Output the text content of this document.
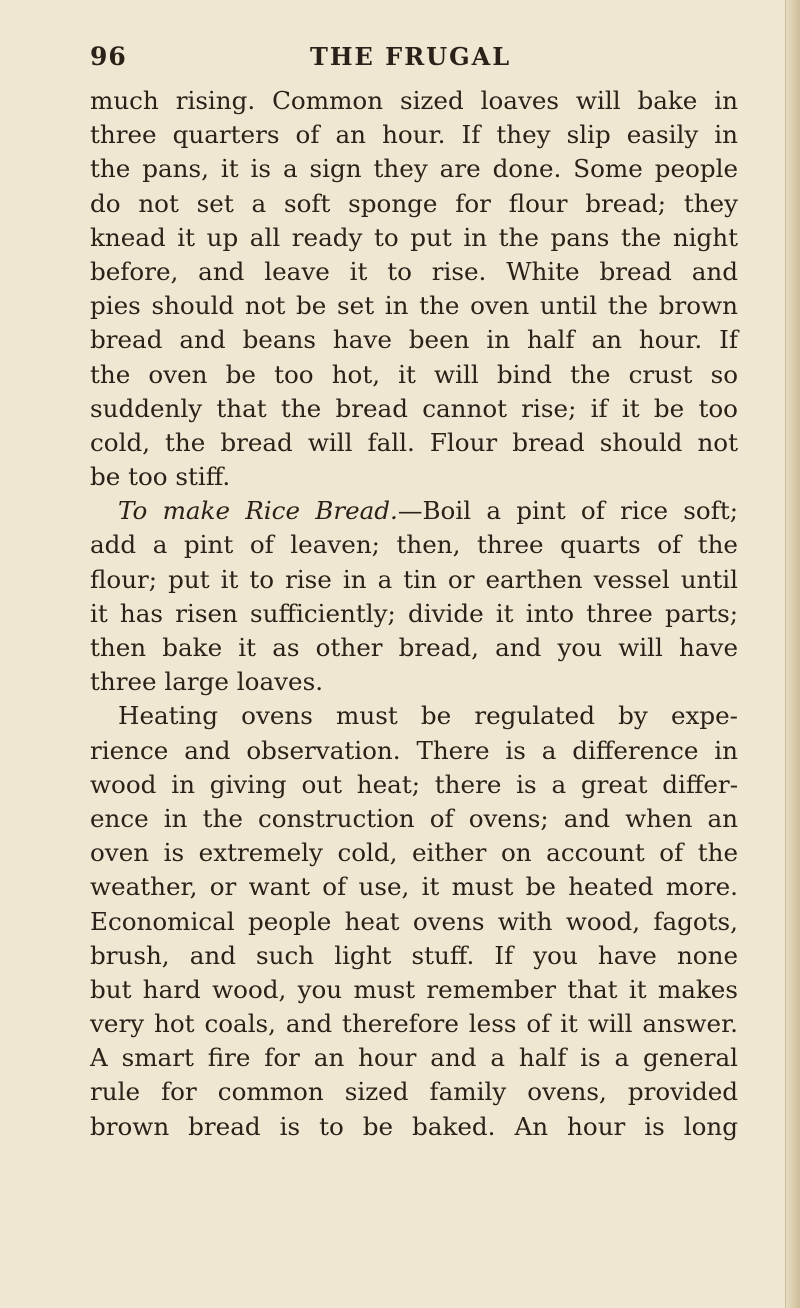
96	THE FRUGAL
much rising. Common sized loaves will bake in
three quarters of an hour. If they slip easily in
the pans, it is a sign they are done. Some people
do not set a soft sponge for flour bread; they
knead it up all ready to put in the pans the night
before, and leave it to rise. White bread and
pies should not be set in the oven until the brown
bread and beans have been in half an hour. If
the oven be too hot, it will bind the crust so
suddenly that the bread cannot rise; if it be too
cold, the bread will fall. Flour bread should not
be too stiff.
To make Rice Bread.—Boil a pint of rice soft;
add a pint of leaven; then, three quarts of the
flour; put it to rise in a tin or earthen vessel until
it has risen sufficiently; divide it into three parts;
then bake it as other bread, and you will have
three large loaves.
Heating ovens must be regulated by expe-
rience and observation. There is a difference in
wood in giving out heat; there is a great differ-
ence in the construction of ovens; and when an
oven is extremely cold, either on account of the
weather, or want of use, it must be heated more.
Economical people heat ovens with wood, fagots,
brush, and such light stuff. If you have none
but hard wood, you must remember that it makes
very hot coals, and therefore less of it will answer.
A smart fire for an hour and a half is a general
rule for common sized family ovens, provided
brown bread is to be baked. An hour is long
